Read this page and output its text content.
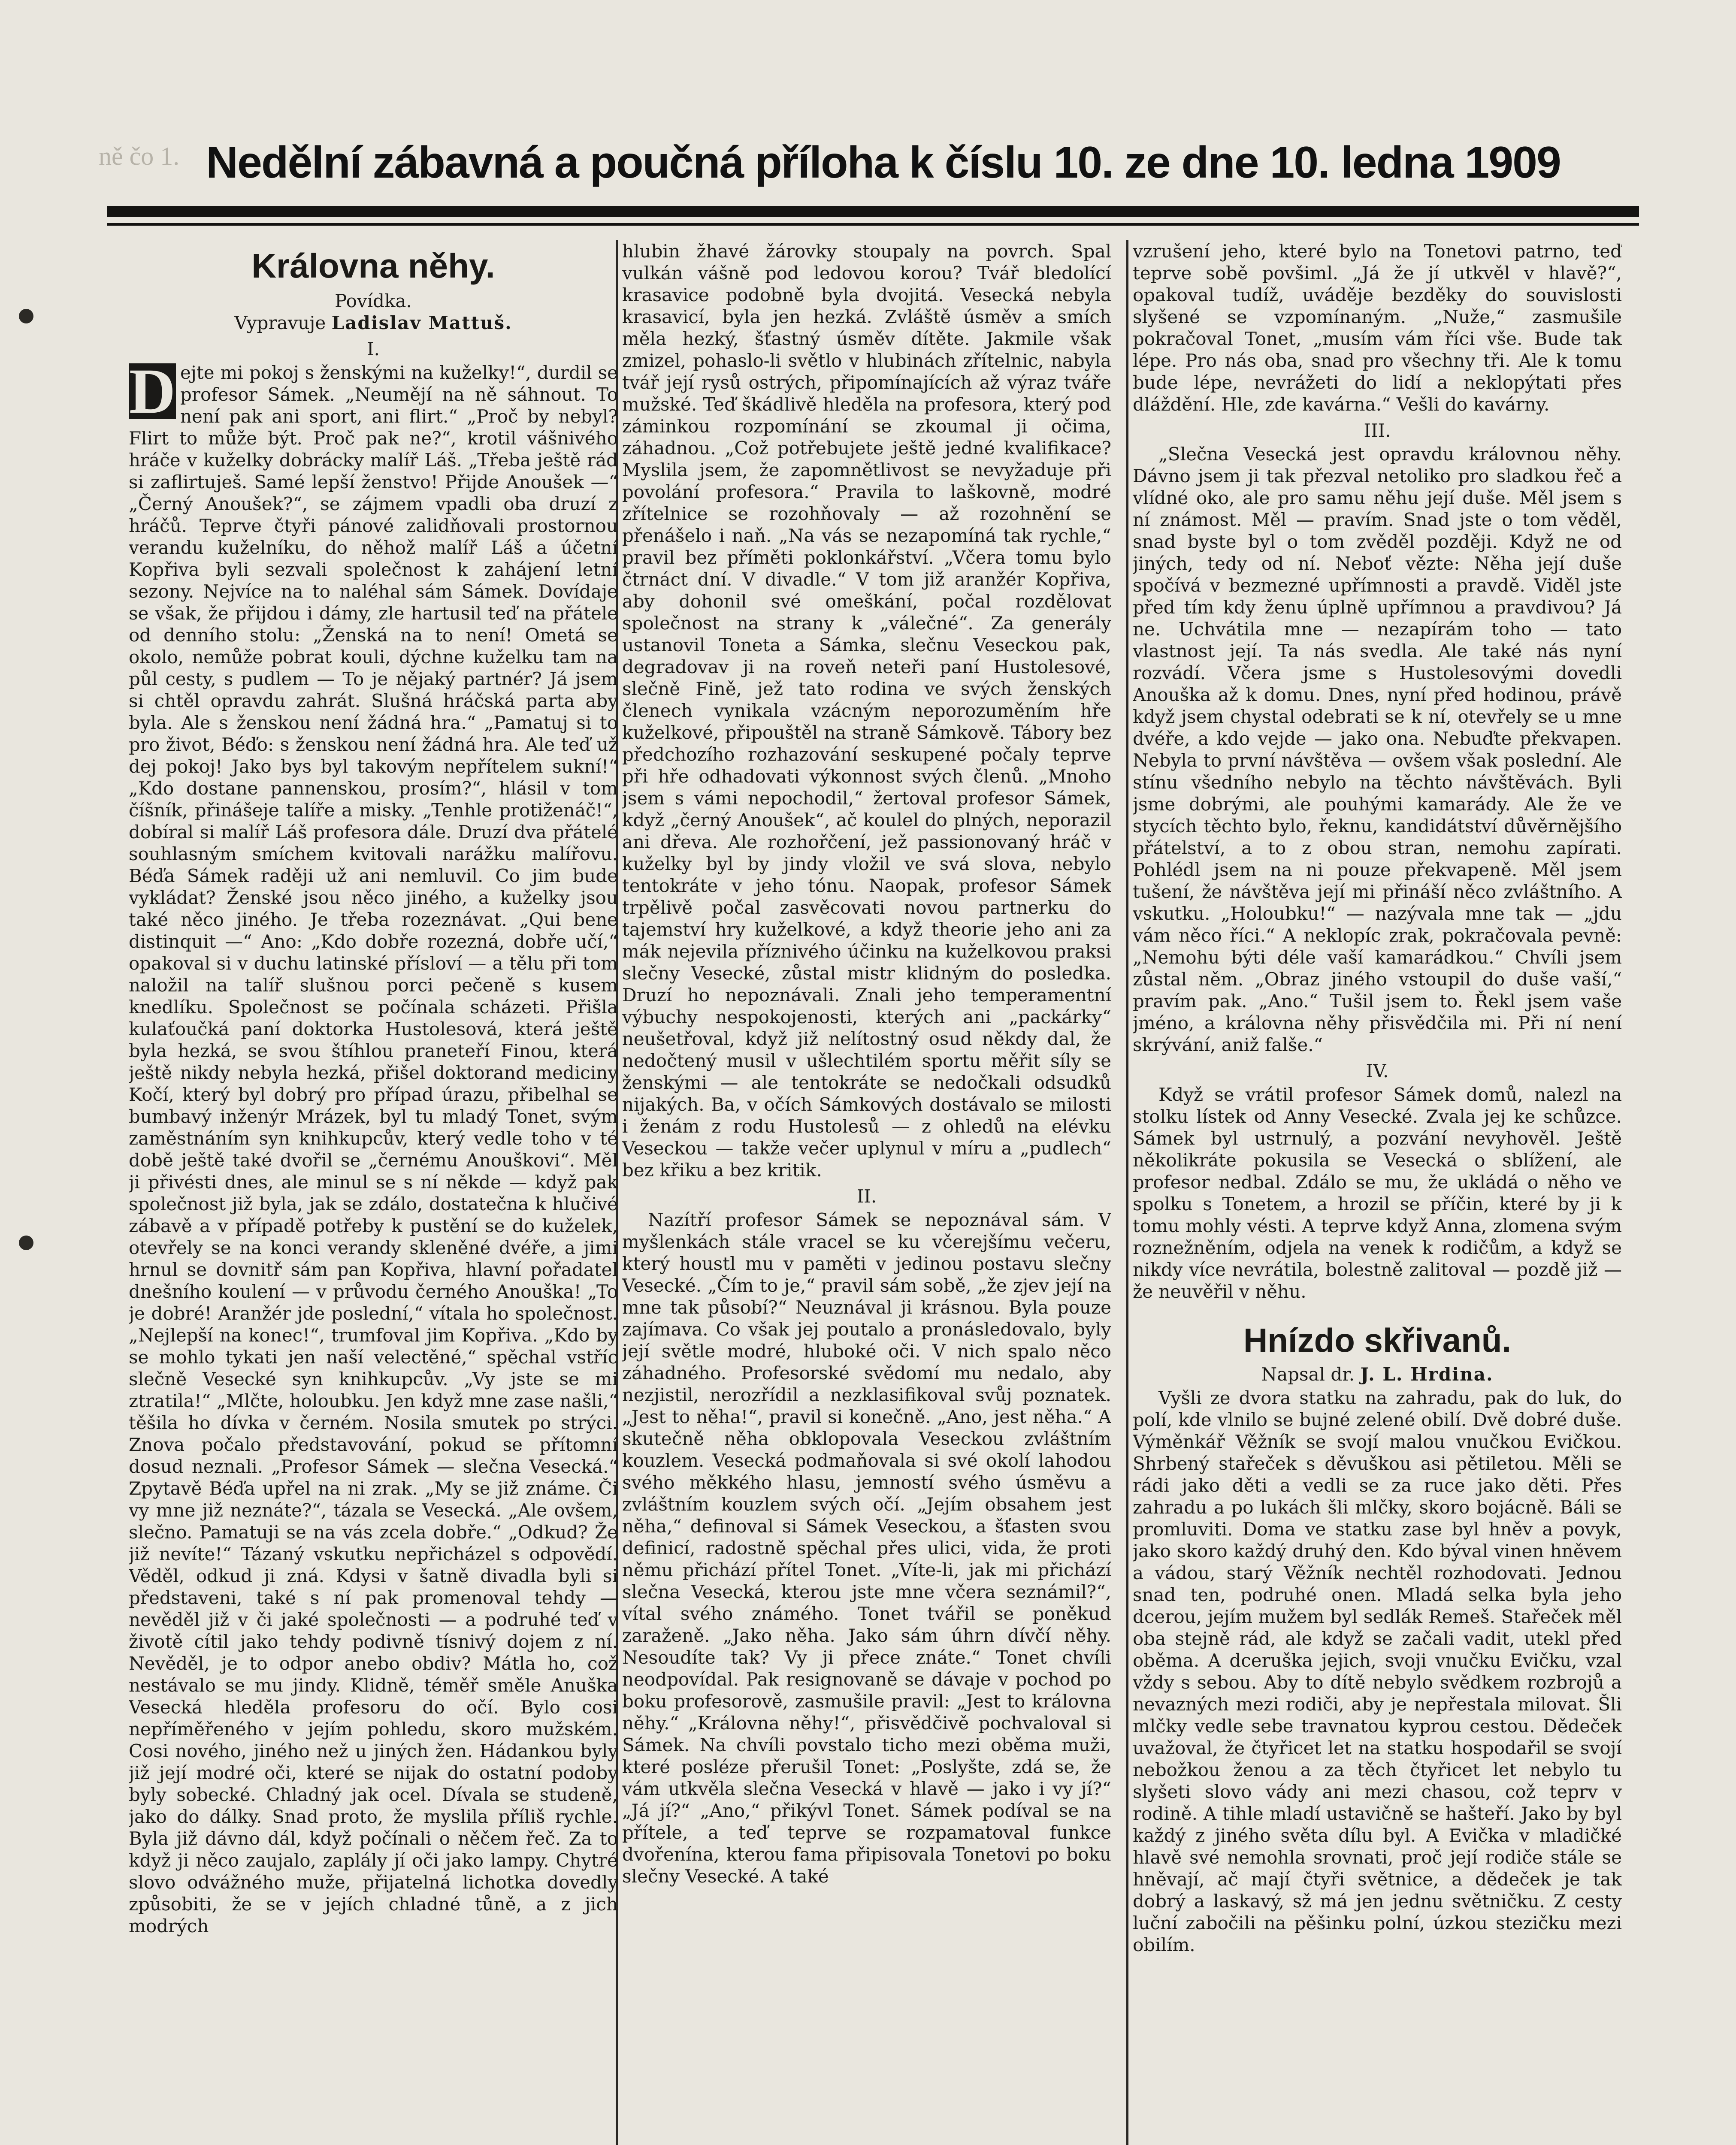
ně čo 1. Nedělní zábavná a poučná příloha k číslu 10. ze dne 10. ledna 1909
Královna něhy.
Povídka.
Vypravuje Ladislav Mattuš.
I.
D ejte mi pokoj s ženskými na kuželky!“, durdil se profesor Sámek. „Neumějí na ně sáhnout. To není pak ani sport, ani flirt.“ „Proč by nebyl? Flirt to může být. Proč pak ne?“, krotil vášnivého hráče v kuželky dobrácky malíř Láš. „Třeba ještě rád si zaflirtuješ. Samé lepší ženstvo! Přijde Anoušek —“ „Černý Anoušek?“, se zájmem vpadli oba druzí z hráčů. Teprve čtyři pánové zalidňovali prostornou verandu kuželníku, do něhož malíř Láš a účetní Kopřiva byli sezvali společnost k zahájení letní sezony. Nejvíce na to naléhal sám Sámek. Dovídaje se však, že přijdou i dámy, zle hartusil teď na přátele od denního stolu: „Ženská na to není! Ometá se okolo, nemůže pobrat kouli, dýchne kuželku tam na půl cesty, s pudlem — To je nějaký partnér? Já jsem si chtěl opravdu zahrát. Slušná hráčská parta aby byla. Ale s ženskou není žádná hra.“ „Pamatuj si to pro život, Béďo: s ženskou není žádná hra. Ale teď už dej pokoj! Jako bys byl takovým nepřítelem sukní!“ „Kdo dostane pannenskou, prosím?“, hlásil v tom číšník, přinášeje talíře a misky. „Tenhle protiženáč!“, dobíral si malíř Láš profesora dále. Druzí dva přátelé souhlasným smíchem kvitovali narážku malířovu. Béďa Sámek raději už ani nemluvil. Co jim bude vykládat? Ženské jsou něco jiného, a kuželky jsou také něco jiného. Je třeba rozeznávat. „Qui bene distinquit —“ Ano: „Kdo dobře rozezná, dobře učí,“ opakoval si v duchu latinské přísloví — a tělu při tom naložil na talíř slušnou porci pečeně s kusem knedlíku. Společnost se počínala scházeti. Přišla kulaťoučká paní doktorka Hustolesová, která ještě byla hezká, se svou štíhlou praneteří Finou, která ještě nikdy nebyla hezká, přišel doktorand mediciny Kočí, který byl dobrý pro případ úrazu, přibelhal se bumbavý inženýr Mrázek, byl tu mladý Tonet, svým zaměstnáním syn knihkupcův, který vedle toho v té době ještě také dvořil se „černému Anouškovi“. Měl ji přivésti dnes, ale minul se s ní někde — když pak společnost již byla, jak se zdálo, dostatečna k hlučivé zábavě a v případě potřeby k pustění se do kuželek, otevřely se na konci verandy skleněné dvéře, a jimi hrnul se dovnitř sám pan Kopřiva, hlavní pořadatel dnešního koulení — v průvodu černého Anouška! „To je dobré! Aranžér jde poslední,“ vítala ho společnost. „Nejlepší na konec!“, trumfoval jim Kopřiva. „Kdo by se mohlo tykati jen naší velectěné,“ spěchal vstříc slečně Vesecké syn knihkupcův. „Vy jste se mi ztratila!“ „Mlčte, holoubku. Jen když mne zase našli,“ těšila ho dívka v černém. Nosila smutek po strýci. Znova počalo představování, pokud se přítomní dosud neznali. „Profesor Sámek — slečna Vesecká.“ Zpytavě Béďa upřel na ni zrak. „My se již známe. Či vy mne již neznáte?“, tázala se Vesecká. „Ale ovšem, slečno. Pamatuji se na vás zcela dobře.“ „Odkud? Že již nevíte!“ Tázaný vskutku nepřicházel s odpovědí. Věděl, odkud ji zná. Kdysi v šatně divadla byli si představeni, také s ní pak promenoval tehdy — nevěděl již v či jaké společnosti — a podruhé teď v životě cítil jako tehdy podivně tísnivý dojem z ní. Nevěděl, je to odpor anebo obdiv? Mátla ho, což nestávalo se mu jindy. Klidně, téměř směle Anuška Vesecká hleděla profesoru do očí. Bylo cosi nepříměřeného v jejím pohledu, skoro mužském. Cosi nového, jiného než u jiných žen. Hádankou byly již její modré oči, které se nijak do ostatní podoby byly sobecké. Chladný jak ocel. Dívala se studeně, jako do dálky. Snad proto, že myslila příliš rychle. Byla již dávno dál, když počínali o něčem řeč. Za to když ji něco zaujalo, zaplály jí oči jako lampy. Chytré slovo odvážného muže, přijatelná lichotka dovedly způsobiti, že se v jejích chladné tůně, a z jich modrých

hlubin žhavé žárovky stoupaly na povrch. Spal vulkán vášně pod ledovou korou? Tvář bledolící krasavice podobně byla dvojitá. Vesecká nebyla krasavicí, byla jen hezká. Zvláště úsměv a smích měla hezký, šťastný úsměv dítěte. Jakmile však zmizel, pohaslo-li světlo v hlubinách zřítelnic, nabyla tvář její rysů ostrých, připomínajících až výraz tváře mužské. Teď škádlivě hleděla na profesora, který pod záminkou rozpomínání se zkoumal ji očima, záhadnou. „Což potřebujete ještě jedné kvalifikace? Myslila jsem, že zapomnětlivost se nevyžaduje při povolání profesora.“ Pravila to laškovně, modré zřítelnice se rozohňovaly — až rozohnění se přenášelo i naň. „Na vás se nezapomíná tak rychle,“ pravil bez příměti poklonkářství. „Včera tomu bylo čtrnáct dní. V divadle.“ V tom již aranžér Kopřiva, aby dohonil své omeškání, počal rozdělovat společnost na strany k „válečné“. Za generály ustanovil Toneta a Sámka, slečnu Veseckou pak, degradovav ji na roveň neteři paní Hustolesové, slečně Fině, jež tato rodina ve svých ženských členech vynikala vzácným neporozuměním hře kuželkové, připouštěl na straně Sámkově. Tábory bez předchozího rozhazování seskupené počaly teprve při hře odhadovati výkonnost svých členů. „Mnoho jsem s vámi nepochodil,“ žertoval profesor Sámek, když „černý Anoušek“, ač koulel do plných, neporazil ani dřeva. Ale rozhořčení, jež passionovaný hráč v kuželky byl by jindy vložil ve svá slova, nebylo tentokráte v jeho tónu. Naopak, profesor Sámek trpělivě počal zasvěcovati novou partnerku do tajemství hry kuželkové, a když theorie jeho ani za mák nejevila příznivého účinku na kuželkovou praksi slečny Vesecké, zůstal mistr klidným do posledka. Druzí ho nepoznávali. Znali jeho temperamentní výbuchy nespokojenosti, kterých ani „packárky“ neušetřoval, když již nelítostný osud někdy dal, že nedočtený musil v ušlechtilém sportu měřit síly se ženskými — ale tentokráte se nedočkali odsudků nijakých. Ba, v očích Sámkových dostávalo se milosti i ženám z rodu Hustolesů — z ohledů na elévku Veseckou — takže večer uplynul v míru a „pudlech“ bez křiku a bez kritik.

II.

Nazítří profesor Sámek se nepoznával sám. V myšlenkách stále vracel se ku včerejšímu večeru, který houstl mu v paměti v jedinou postavu slečny Vesecké. „Čím to je,“ pravil sám sobě, „že zjev její na mne tak působí?“ Neuznával ji krásnou. Byla pouze zajímava. Co však jej poutalo a pronásledovalo, byly její světle modré, hluboké oči. V nich spalo něco záhadného. Profesorské svědomí mu nedalo, aby nezjistil, nerozřídil a nezklasifikoval svůj poznatek. „Jest to něha!“, pravil si konečně. „Ano, jest něha.“ A skutečně něha obklopovala Veseckou zvláštním kouzlem. Vesecká podmaňovala si své okolí lahodou svého měkkého hlasu, jemností svého úsměvu a zvláštním kouzlem svých očí. „Jejím obsahem jest něha,“ definoval si Sámek Veseckou, a šťasten svou definicí, radostně spěchal přes ulici, vida, že proti němu přichází přítel Tonet. „Víte-li, jak mi přichází slečna Vesecká, kterou jste mne včera seznámil?“, vítal svého známého. Tonet tvářil se poněkud zaraženě. „Jako něha. Jako sám úhrn dívčí něhy. Nesoudíte tak? Vy ji přece znáte.“ Tonet chvíli neodpovídal. Pak resignovaně se dávaje v pochod po boku profesorově, zasmušile pravil: „Jest to královna něhy.“ „Královna něhy!“, přisvědčivě pochvaloval si Sámek. Na chvíli povstalo ticho mezi oběma muži, které posléze přerušil Tonet: „Poslyšte, zdá se, že vám utkvěla slečna Vesecká v hlavě — jako i vy jí?“ „Já jí?“ „Ano,“ přikývl Tonet. Sámek podíval se na přítele, a teď teprve se rozpamatoval funkce dvořenína, kterou fama připisovala Tonetovi po boku slečny Vesecké. A také

vzrušení jeho, které bylo na Tonetovi patrno, teď teprve sobě povšiml. „Já že jí utkvěl v hlavě?“, opakoval tudíž, uváděje bezděky do souvislosti slyšené se vzpomínaným. „Nuže,“ zasmušile pokračoval Tonet, „musím vám říci vše. Bude tak lépe. Pro nás oba, snad pro všechny tři. Ale k tomu bude lépe, nevrážeti do lidí a neklopýtati přes dláždění. Hle, zde kavárna.“ Vešli do kavárny.

III.

„Slečna Vesecká jest opravdu královnou něhy. Dávno jsem ji tak přezval netoliko pro sladkou řeč a vlídné oko, ale pro samu něhu její duše. Měl jsem s ní známost. Měl — pravím. Snad jste o tom věděl, snad byste byl o tom zvěděl později. Když ne od jiných, tedy od ní. Neboť vězte: Něha její duše spočívá v bezmezné upřímnosti a pravdě. Viděl jste před tím kdy ženu úplně upřímnou a pravdivou? Já ne. Uchvátila mne — nezapírám toho — tato vlastnost její. Ta nás svedla. Ale také nás nyní rozvádí. Včera jsme s Hustolesovými dovedli Anouška až k domu. Dnes, nyní před hodinou, právě když jsem chystal odebrati se k ní, otevřely se u mne dvéře, a kdo vejde — jako ona. Nebuďte překvapen. Nebyla to první návštěva — ovšem však poslední. Ale stínu všedního nebylo na těchto návštěvách. Byli jsme dobrými, ale pouhými kamarády. Ale že ve stycích těchto bylo, řeknu, kandidátství důvěrnějšího přátelství, a to z obou stran, nemohu zapírati. Pohlédl jsem na ni pouze překvapeně. Měl jsem tušení, že návštěva její mi přináší něco zvláštního. A vskutku. „Holoubku!“ — nazývala mne tak — „jdu vám něco říci.“ A neklopíc zrak, pokračovala pevně: „Nemohu býti déle vaší kamarádkou.“ Chvíli jsem zůstal něm. „Obraz jiného vstoupil do duše vaší,“ pravím pak. „Ano.“ Tušil jsem to. Řekl jsem vaše jméno, a královna něhy přisvědčila mi. Při ní není skrývání, aniž falše.“

IV.

Když se vrátil profesor Sámek domů, nalezl na stolku lístek od Anny Vesecké. Zvala jej ke schůzce. Sámek byl ustrnulý, a pozvání nevyhověl. Ještě několikráte pokusila se Vesecká o sblížení, ale profesor nedbal. Zdálo se mu, že ukládá o něho ve spolku s Tonetem, a hrozil se příčin, které by ji k tomu mohly vésti. A teprve když Anna, zlomena svým roznežněním, odjela na venek k rodičům, a když se nikdy více nevrátila, bolestně zalitoval — pozdě již — že neuvěřil v něhu.

Hnízdo skřivanů.
Napsal dr. J. L. Hrdina.

Vyšli ze dvora statku na zahradu, pak do luk, do polí, kde vlnilo se bujné zelené obilí. Dvě dobré duše. Výměnkář Věžník se svojí malou vnučkou Evičkou. Shrbený stařeček s děvuškou asi pětiletou. Měli se rádi jako děti a vedli se za ruce jako děti. Přes zahradu a po lukách šli mlčky, skoro bojácně. Báli se promluviti. Doma ve statku zase byl hněv a povyk, jako skoro každý druhý den. Kdo býval vinen hněvem a vádou, starý Věžník nechtěl rozhodovati. Jednou snad ten, podruhé onen. Mladá selka byla jeho dcerou, jejím mužem byl sedlák Remeš. Stařeček měl oba stejně rád, ale když se začali vadit, utekl před oběma. A dceruška jejich, svoji vnučku Evičku, vzal vždy s sebou. Aby to dítě nebylo svědkem rozbrojů a nevazných mezi rodiči, aby je nepřestala milovat. Šli mlčky vedle sebe travnatou kyprou cestou. Dědeček uvažoval, že čtyřicet let na statku hospodařil se svojí nebožkou ženou a za těch čtyřicet let nebylo tu slyšeti slovo vády ani mezi chasou, což teprv v rodině. A tihle mladí ustavičně se hašteří. Jako by byl každý z jiného světa dílu byl. A Evička v mladičké hlavě své nemohla srovnati, proč její rodiče stále se hněvají, ač mají čtyři světnice, a dědeček je tak dobrý a laskavý, sž má jen jednu světničku. Z cesty luční zabočili na pěšinku polní, úzkou stezičku mezi obilím.
